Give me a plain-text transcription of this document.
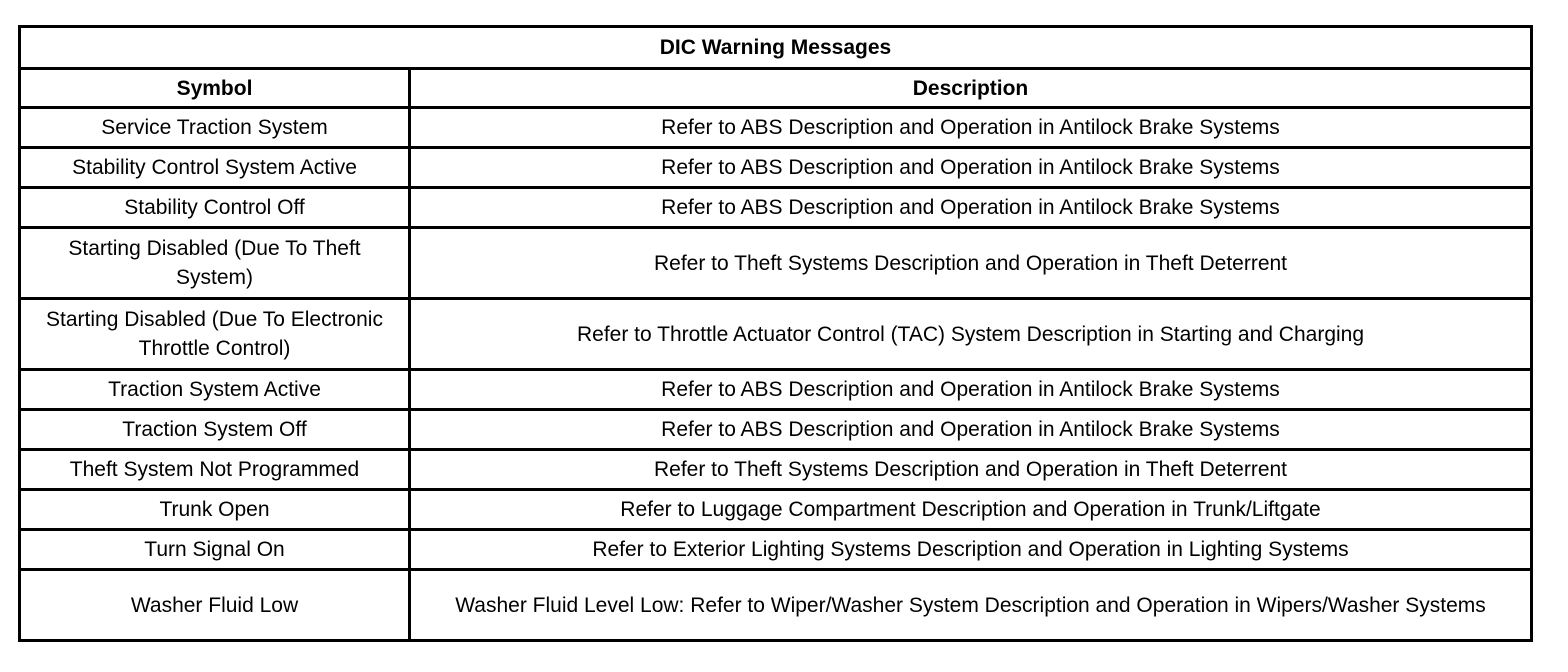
DIC Warning Messages	
Symbol	Description
Service Traction System	Refer to ABS Description and Operation in Antilock Brake Systems
Stability Control System Active	Refer to ABS Description and Operation in Antilock Brake Systems
Stability Control Off	Refer to ABS Description and Operation in Antilock Brake Systems
Starting Disabled (Due To Theft System)	Refer to Theft Systems Description and Operation in Theft Deterrent
Starting Disabled (Due To Electronic Throttle Control)	Refer to Throttle Actuator Control (TAC) System Description in Starting and Charging
Traction System Active	Refer to ABS Description and Operation in Antilock Brake Systems
Traction System Off	Refer to ABS Description and Operation in Antilock Brake Systems
Theft System Not Programmed	Refer to Theft Systems Description and Operation in Theft Deterrent
Trunk Open	Refer to Luggage Compartment Description and Operation in Trunk/Liftgate
Turn Signal On	Refer to Exterior Lighting Systems Description and Operation in Lighting Systems
Washer Fluid Low	Washer Fluid Level Low: Refer to Wiper/Washer System Description and Operation in Wipers/Washer Systems
